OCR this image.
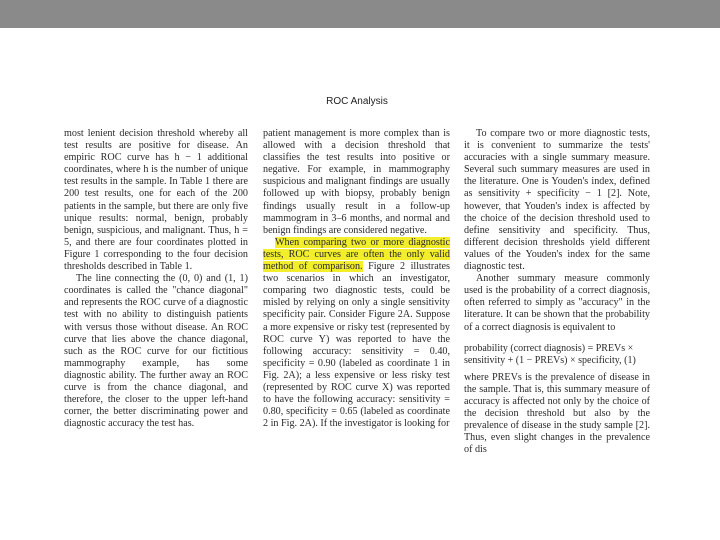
ROC Analysis

most lenient decision threshold whereby all test results are positive for disease. An empiric ROC curve has h − 1 additional coordinates, where h is the number of unique test results in the sample. In Table 1 there are 200 test results, one for each of the 200 patients in the sample, but there are only five unique results: normal, benign, probably benign, suspicious, and malignant. Thus, h = 5, and there are four coordinates plotted in Figure 1 corresponding to the four decision thresholds described in Table 1.

The line connecting the (0, 0) and (1, 1) coordinates is called the "chance diagonal" and represents the ROC curve of a diagnostic test with no ability to distinguish patients with versus those without disease. An ROC curve that lies above the chance diagonal, such as the ROC curve for our fictitious mammography example, has some diagnostic ability. The further away an ROC curve is from the chance diagonal, and therefore, the closer to the upper left-hand corner, the better discriminating power and diagnostic accuracy the test has.

patient management is more complex than is allowed with a decision threshold that classifies the test results into positive or negative. For example, in mammography suspicious and malignant findings are usually followed up with biopsy, probably benign findings usually result in a follow-up mammogram in 3–6 months, and normal and benign findings are considered negative.

When comparing two or more diagnostic tests, ROC curves are often the only valid method of comparison. Figure 2 illustrates two scenarios in which an investigator, comparing two diagnostic tests, could be misled by relying on only a single sensitivity specificity pair. Consider Figure 2A. Suppose a more expensive or risky test (represented by ROC curve Y) was reported to have the following accuracy: sensitivity = 0.40, specificity = 0.90 (labeled as coordinate 1 in Fig. 2A); a less expensive or less risky test (represented by ROC curve X) was reported to have the following accuracy: sensitivity = 0.80, specificity = 0.65 (labeled as coordinate 2 in Fig. 2A). If the investigator is looking for

To compare two or more diagnostic tests, it is convenient to summarize the tests' accuracies with a single summary measure. Several such summary measures are used in the literature. One is Youden's index, defined as sensitivity + specificity − 1 [2]. Note, however, that Youden's index is affected by the choice of the decision threshold used to define sensitivity and specificity. Thus, different decision thresholds yield different values of the Youden's index for the same diagnostic test.

Another summary measure commonly used is the probability of a correct diagnosis, often referred to simply as "accuracy" in the literature. It can be shown that the probability of a correct diagnosis is equivalent to

probability (correct diagnosis) = PREVs ×
sensitivity + (1 − PREVs) × specificity, (1)

where PREVs is the prevalence of disease in the sample. That is, this summary measure of accuracy is affected not only by the choice of the decision threshold but also by the prevalence of disease in the study sample [2]. Thus, even slight changes in the prevalence of dis
